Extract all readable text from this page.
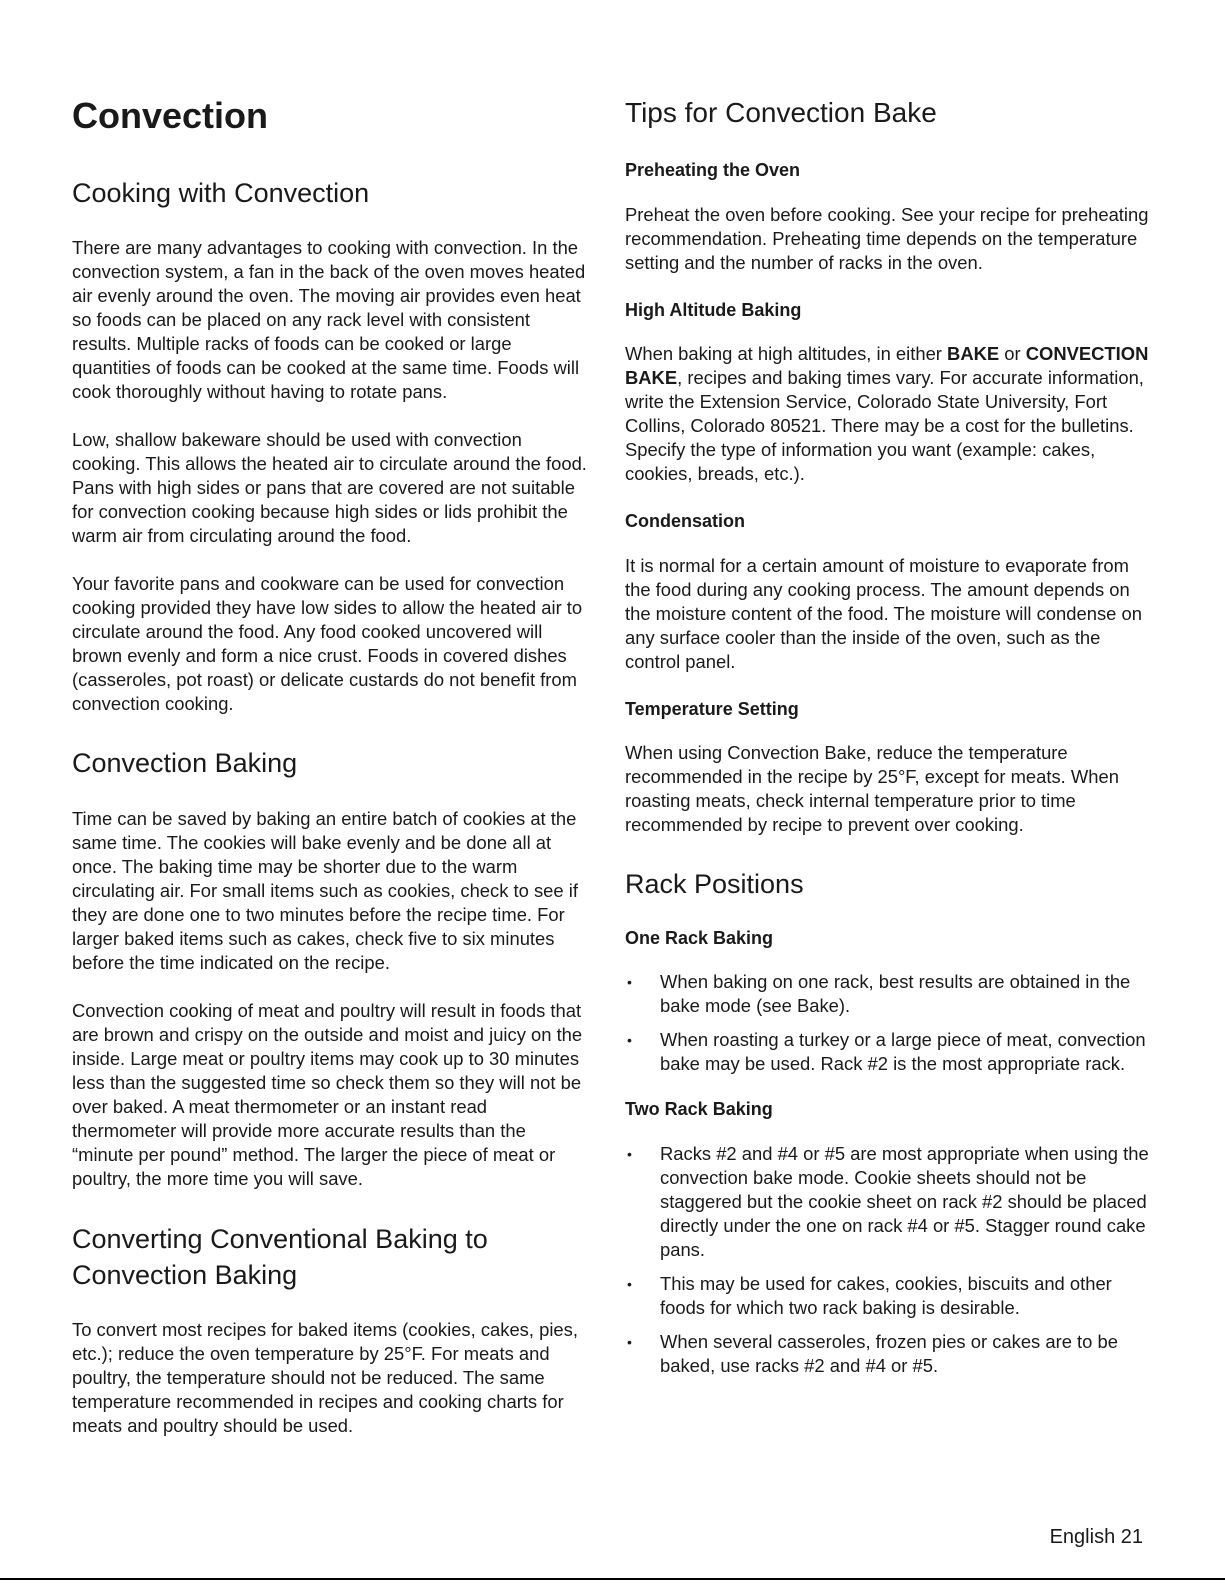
Convection
Cooking with Convection

There are many advantages to cooking with convection. In the convection system, a fan in the back of the oven moves heated air evenly around the oven. The moving air provides even heat so foods can be placed on any rack level with consistent results. Multiple racks of foods can be cooked or large quantities of foods can be cooked at the same time. Foods will cook thoroughly without having to rotate pans.

Low, shallow bakeware should be used with convection cooking. This allows the heated air to circulate around the food. Pans with high sides or pans that are covered are not suitable for convection cooking because high sides or lids prohibit the warm air from circulating around the food.

Your favorite pans and cookware can be used for convection cooking provided they have low sides to allow the heated air to circulate around the food. Any food cooked uncovered will brown evenly and form a nice crust. Foods in covered dishes (casseroles, pot roast) or delicate custards do not benefit from convection cooking.

Convection Baking

Time can be saved by baking an entire batch of cookies at the same time. The cookies will bake evenly and be done all at once. The baking time may be shorter due to the warm circulating air. For small items such as cookies, check to see if they are done one to two minutes before the recipe time. For larger baked items such as cakes, check five to six minutes before the time indicated on the recipe.

Convection cooking of meat and poultry will result in foods that are brown and crispy on the outside and moist and juicy on the inside. Large meat or poultry items may cook up to 30 minutes less than the suggested time so check them so they will not be over baked. A meat thermometer or an instant read thermometer will provide more accurate results than the “minute per pound” method. The larger the piece of meat or poultry, the more time you will save.

Converting Conventional Baking to
Convection Baking

To convert most recipes for baked items (cookies, cakes, pies, etc.); reduce the oven temperature by 25°F. For meats and poultry, the temperature should not be reduced. The same temperature recommended in recipes and cooking charts for meats and poultry should be used.

Tips for Convection Bake
Preheating the Oven

Preheat the oven before cooking. See your recipe for preheating recommendation. Preheating time depends on the temperature setting and the number of racks in the oven.

High Altitude Baking

When baking at high altitudes, in either BAKE or CONVECTION BAKE, recipes and baking times vary. For accurate information, write the Extension Service, Colorado State University, Fort Collins, Colorado 80521. There may be a cost for the bulletins. Specify the type of information you want (example: cakes, cookies, breads, etc.).

Condensation

It is normal for a certain amount of moisture to evaporate from the food during any cooking process. The amount depends on the moisture content of the food. The moisture will condense on any surface cooler than the inside of the oven, such as the control panel.

Temperature Setting

When using Convection Bake, reduce the temperature recommended in the recipe by 25°F, except for meats. When roasting meats, check internal temperature prior to time recommended by recipe to prevent over cooking.

Rack Positions
One Rack Baking
• When baking on one rack, best results are obtained in the bake mode (see Bake).
• When roasting a turkey or a large piece of meat, convection bake may be used. Rack #2 is the most appropriate rack.
Two Rack Baking
• Racks #2 and #4 or #5 are most appropriate when using the convection bake mode. Cookie sheets should not be staggered but the cookie sheet on rack #2 should be placed directly under the one on rack #4 or #5. Stagger round cake pans.
• This may be used for cakes, cookies, biscuits and other foods for which two rack baking is desirable.
• When several casseroles, frozen pies or cakes are to be baked, use racks #2 and #4 or #5.
English 21
